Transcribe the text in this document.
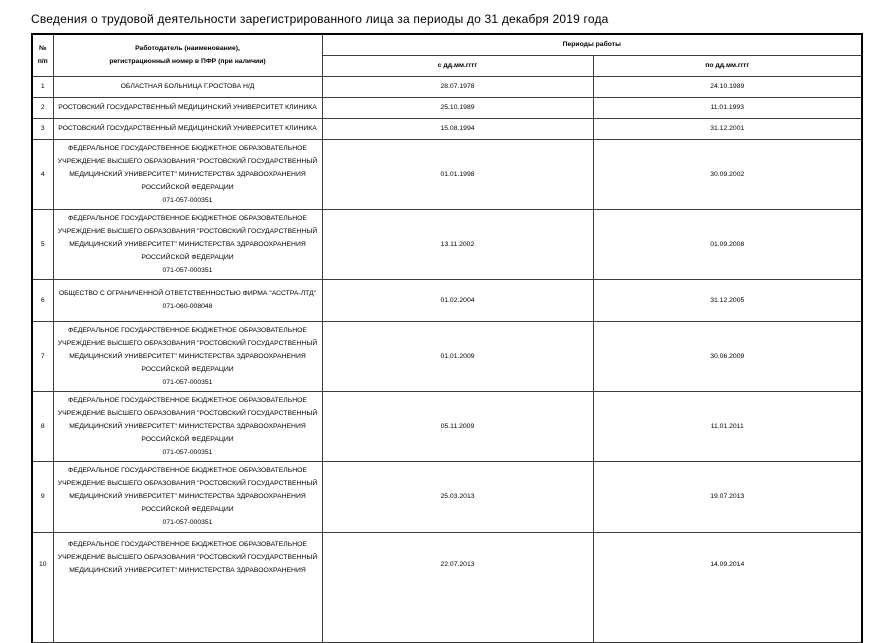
Сведения о трудовой деятельности зарегистрированного лица за периоды до 31 декабря 2019 года
№
п/п

Работодатель (наименование),
регистрационный номер в ПФР (при наличии)
	Периоды работы
		с дд.мм.гггг	по дд.мм.гггг
1	ОБЛАСТНАЯ БОЛЬНИЦА Г.РОСТОВА Н/Д	28.07.1978	24.10.1989
2	РОСТОВСКИЙ ГОСУДАРСТВЕННЫЙ МЕДИЦИНСКИЙ УНИВЕРСИТЕТ КЛИНИКА	25.10.1989	11.01.1993
3	РОСТОВСКИЙ ГОСУДАРСТВЕННЫЙ МЕДИЦИНСКИЙ УНИВЕРСИТЕТ КЛИНИКА	15.08.1994	31.12.2001
4	ФЕДЕРАЛЬНОЕ ГОСУДАРСТВЕННОЕ БЮДЖЕТНОЕ ОБРАЗОВАТЕЛЬНОЕ
УЧРЕЖДЕНИЕ ВЫСШЕГО ОБРАЗОВАНИЯ "РОСТОВСКИЙ ГОСУДАРСТВЕННЫЙ
МЕДИЦИНСКИЙ УНИВЕРСИТЕТ" МИНИСТЕРСТВА ЗДРАВООХРАНЕНИЯ
РОССИЙСКОЙ ФЕДЕРАЦИИ
071-057-000351	01.01.1998	30.09.2002
5	ФЕДЕРАЛЬНОЕ ГОСУДАРСТВЕННОЕ БЮДЖЕТНОЕ ОБРАЗОВАТЕЛЬНОЕ
УЧРЕЖДЕНИЕ ВЫСШЕГО ОБРАЗОВАНИЯ "РОСТОВСКИЙ ГОСУДАРСТВЕННЫЙ
МЕДИЦИНСКИЙ УНИВЕРСИТЕТ" МИНИСТЕРСТВА ЗДРАВООХРАНЕНИЯ
РОССИЙСКОЙ ФЕДЕРАЦИИ
071-057-000351	13.11.2002	01.09.2008
6	ОБЩЕСТВО С ОГРАНИЧЕННОЙ ОТВЕТСТВЕННОСТЬЮ ФИРМА "АССТРА-ЛТД"
071-060-008048	01.02.2004	31.12.2005
7	ФЕДЕРАЛЬНОЕ ГОСУДАРСТВЕННОЕ БЮДЖЕТНОЕ ОБРАЗОВАТЕЛЬНОЕ
УЧРЕЖДЕНИЕ ВЫСШЕГО ОБРАЗОВАНИЯ "РОСТОВСКИЙ ГОСУДАРСТВЕННЫЙ
МЕДИЦИНСКИЙ УНИВЕРСИТЕТ" МИНИСТЕРСТВА ЗДРАВООХРАНЕНИЯ
РОССИЙСКОЙ ФЕДЕРАЦИИ
071-057-000351	01.01.2009	30.06.2009
8	ФЕДЕРАЛЬНОЕ ГОСУДАРСТВЕННОЕ БЮДЖЕТНОЕ ОБРАЗОВАТЕЛЬНОЕ
УЧРЕЖДЕНИЕ ВЫСШЕГО ОБРАЗОВАНИЯ "РОСТОВСКИЙ ГОСУДАРСТВЕННЫЙ
МЕДИЦИНСКИЙ УНИВЕРСИТЕТ" МИНИСТЕРСТВА ЗДРАВООХРАНЕНИЯ
РОССИЙСКОЙ ФЕДЕРАЦИИ
071-057-000351	05.11.2009	11.01.2011
9	ФЕДЕРАЛЬНОЕ ГОСУДАРСТВЕННОЕ БЮДЖЕТНОЕ ОБРАЗОВАТЕЛЬНОЕ
УЧРЕЖДЕНИЕ ВЫСШЕГО ОБРАЗОВАНИЯ "РОСТОВСКИЙ ГОСУДАРСТВЕННЫЙ
МЕДИЦИНСКИЙ УНИВЕРСИТЕТ" МИНИСТЕРСТВА ЗДРАВООХРАНЕНИЯ
РОССИЙСКОЙ ФЕДЕРАЦИИ
071-057-000351	25.03.2013	19.07.2013
10	ФЕДЕРАЛЬНОЕ ГОСУДАРСТВЕННОЕ БЮДЖЕТНОЕ ОБРАЗОВАТЕЛЬНОЕ
УЧРЕЖДЕНИЕ ВЫСШЕГО ОБРАЗОВАНИЯ "РОСТОВСКИЙ ГОСУДАРСТВЕННЫЙ
МЕДИЦИНСКИЙ УНИВЕРСИТЕТ" МИНИСТЕРСТВА ЗДРАВООХРАНЕНИЯ	22.07.2013	14.09.2014
